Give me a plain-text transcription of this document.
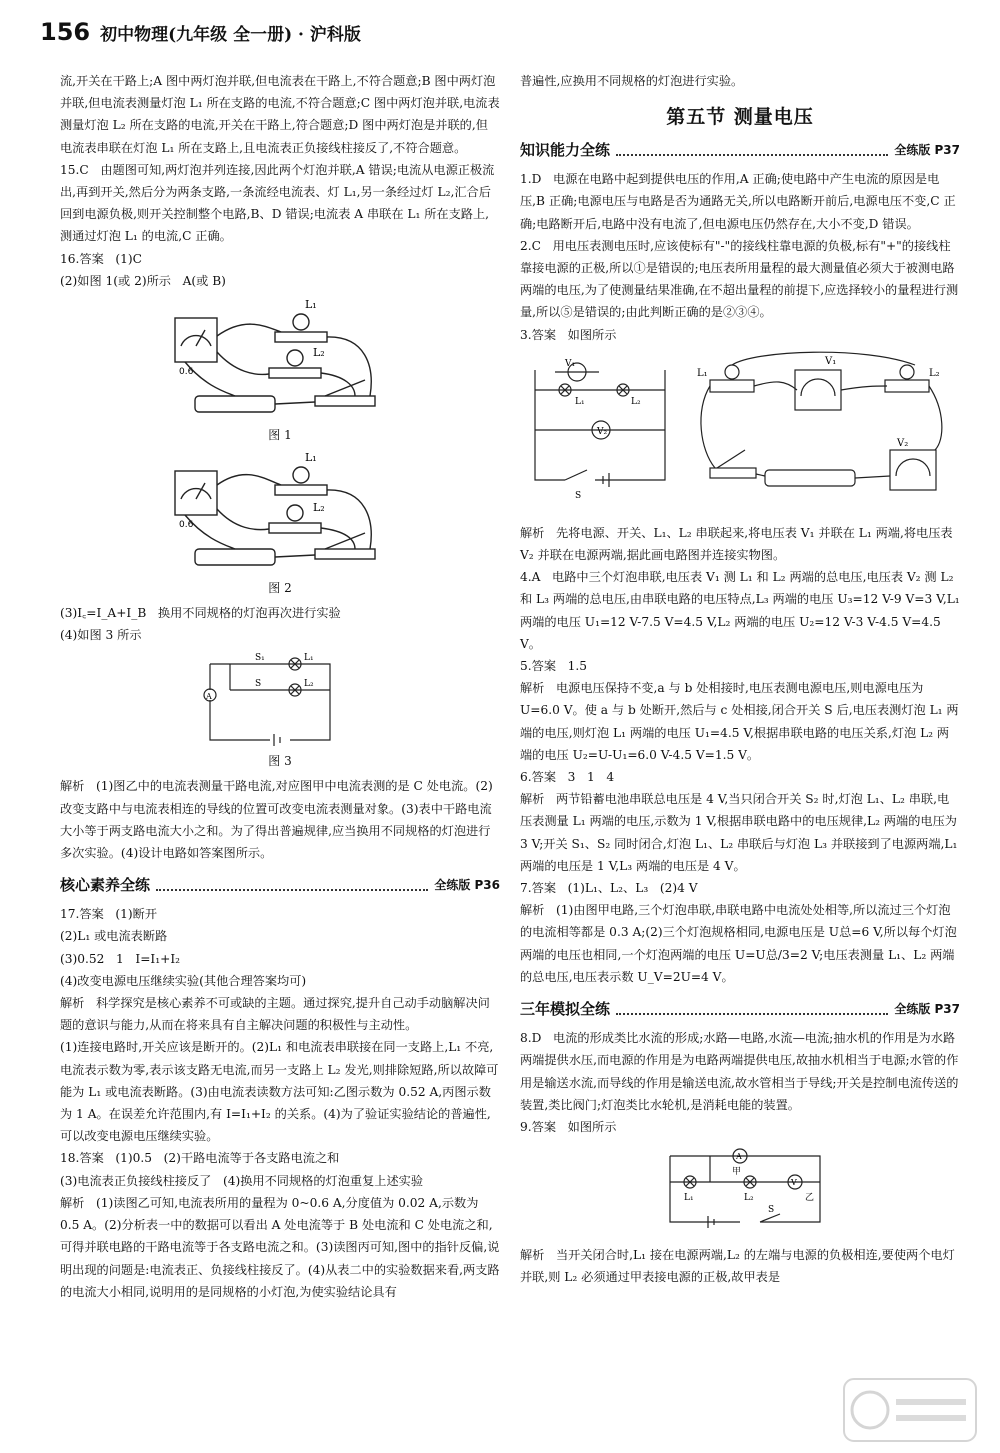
156 初中物理(九年级 全一册) · 沪科版

流,开关在干路上;A 图中两灯泡并联,但电流表在干路上,不符合题意;B 图中两灯泡并联,但电流表测量灯泡 L₁ 所在支路的电流,不符合题意;C 图中两灯泡并联,电流表测量灯泡 L₂ 所在支路的电流,开关在干路上,符合题意;D 图中两灯泡是并联的,但电流表串联在灯泡 L₁ 所在支路上,且电流表正负接线柱接反了,不符合题意。

15.C   由题图可知,两灯泡并列连接,因此两个灯泡并联,A 错误;电流从电源正极流出,再到开关,然后分为两条支路,一条流经电流表、灯 L₁,另一条经过灯 L₂,汇合后回到电源负极,则开关控制整个电路,B、D 错误;电流表 A 串联在 L₁ 所在支路上,测通过灯泡 L₁ 的电流,C 正确。

16.答案   (1)C

(2)如图 1(或 2)所示   A(或 B)

L₁
L₂
0.6

图 1

L₁
L₂
0.6

图 2

(3)I꜀=I_A+I_B   换用不同规格的灯泡再次进行实验

(4)如图 3 所示

A
S₁
S
L₁
L₂

图 3

解析   (1)图乙中的电流表测量干路电流,对应图甲中电流表测的是 C 处电流。(2)改变支路中与电流表相连的导线的位置可改变电流表测量对象。(3)表中干路电流大小等于两支路电流大小之和。为了得出普遍规律,应当换用不同规格的灯泡进行多次实验。(4)设计电路如答案图所示。

核心素养全练	全练版 P36

17.答案   (1)断开
(2)L₁ 或电流表断路
(3)0.52   1   I=I₁+I₂
(4)改变电源电压继续实验(其他合理答案均可)
解析   科学探究是核心素养不可或缺的主题。通过探究,提升自己动手动脑解决问题的意识与能力,从而在将来具有自主解决问题的积极性与主动性。
(1)连接电路时,开关应该是断开的。(2)L₁ 和电流表串联接在同一支路上,L₁ 不亮,电流表示数为零,表示该支路无电流,而另一支路上 L₂ 发光,则排除短路,所以故障可能为 L₁ 或电流表断路。(3)由电流表读数方法可知:乙图示数为 0.52 A,丙图示数为 1 A。在误差允许范围内,有 I=I₁+I₂ 的关系。(4)为了验证实验结论的普遍性,可以改变电源电压继续实验。

18.答案   (1)0.5   (2)干路电流等于各支路电流之和
(3)电流表正负接线柱接反了   (4)换用不同规格的灯泡重复上述实验
解析   (1)读图乙可知,电流表所用的量程为 0~0.6 A,分度值为 0.02 A,示数为 0.5 A。(2)分析表一中的数据可以看出 A 处电流等于 B 处电流和 C 处电流之和,可得并联电路的干路电流等于各支路电流之和。(3)读图丙可知,图中的指针反偏,说明出现的问题是:电流表正、负接线柱接反了。(4)从表二中的实验数据来看,两支路的电流大小相同,说明用的是同规格的小灯泡,为使实验结论具有

普遍性,应换用不同规格的灯泡进行实验。

第五节 测量电压
知识能力全练	全练版 P37

1.D   电源在电路中起到提供电压的作用,A 正确;使电路中产生电流的原因是电压,B 正确;电源电压与电路是否为通路无关,所以电路断开前后,电源电压不变,C 正确;电路断开后,电路中没有电流了,但电源电压仍然存在,大小不变,D 错误。

2.C   用电压表测电压时,应该使标有"-"的接线柱靠电源的负极,标有"+"的接线柱靠接电源的正极,所以①是错误的;电压表所用量程的最大测量值必须大于被测电路两端的电压,为了使测量结果准确,在不超出量程的前提下,应选择较小的量程进行测量,所以⑤是错误的;由此判断正确的是②③④。

3.答案   如图所示

V₁
V₂
L₁	L₂
S
L₁	L₂
V₁
V₂

解析   先将电源、开关、L₁、L₂ 串联起来,将电压表 V₁ 并联在 L₁ 两端,将电压表 V₂ 并联在电源两端,据此画电路图并连接实物图。

4.A   电路中三个灯泡串联,电压表 V₁ 测 L₁ 和 L₂ 两端的总电压,电压表 V₂ 测 L₂ 和 L₃ 两端的总电压,由串联电路的电压特点,L₃ 两端的电压 U₃=12 V-9 V=3 V,L₁ 两端的电压 U₁=12 V-7.5 V=4.5 V,L₂ 两端的电压 U₂=12 V-3 V-4.5 V=4.5 V。

5.答案   1.5
解析   电源电压保持不变,a 与 b 处相接时,电压表测电源电压,则电源电压为 U=6.0 V。使 a 与 b 处断开,然后与 c 处相接,闭合开关 S 后,电压表测灯泡 L₁ 两端的电压,则灯泡 L₁ 两端的电压 U₁=4.5 V,根据串联电路的电压关系,灯泡 L₂ 两端的电压 U₂=U-U₁=6.0 V-4.5 V=1.5 V。

6.答案   3   1   4
解析   两节铅蓄电池串联总电压是 4 V,当只闭合开关 S₂ 时,灯泡 L₁、L₂ 串联,电压表测量 L₁ 两端的电压,示数为 1 V,根据串联电路中的电压规律,L₂ 两端的电压为 3 V;开关 S₁、S₂ 同时闭合,灯泡 L₁、L₂ 串联后与灯泡 L₃ 并联接到了电源两端,L₁ 两端的电压是 1 V,L₃ 两端的电压是 4 V。

7.答案   (1)L₁、L₂、L₃   (2)4 V
解析   (1)由图甲电路,三个灯泡串联,串联电路中电流处处相等,所以流过三个灯泡的电流相等都是 0.3 A;(2)三个灯泡规格相同,电源电压是 U总=6 V,所以每个灯泡两端的电压也相同,一个灯泡两端的电压 U=U总/3=2 V;电压表测量 L₁、L₂ 两端的总电压,电压表示数 U_V=2U=4 V。

三年模拟全练	全练版 P37

8.D   电流的形成类比水流的形成;水路—电路,水流—电流;抽水机的作用是为水路两端提供水压,而电源的作用是为电路两端提供电压,故抽水机相当于电源;水管的作用是输送水流,而导线的作用是输送电流,故水管相当于导线;开关是控制电流传送的装置,类比阀门;灯泡类比水轮机,是消耗电能的装置。

9.答案   如图所示

A
V
甲
乙
L₁	L₂
S

解析   当开关闭合时,L₁ 接在电源两端,L₂ 的左端与电源的负极相连,要使两个电灯并联,则 L₂ 必须通过甲表接电源的正极,故甲表是
